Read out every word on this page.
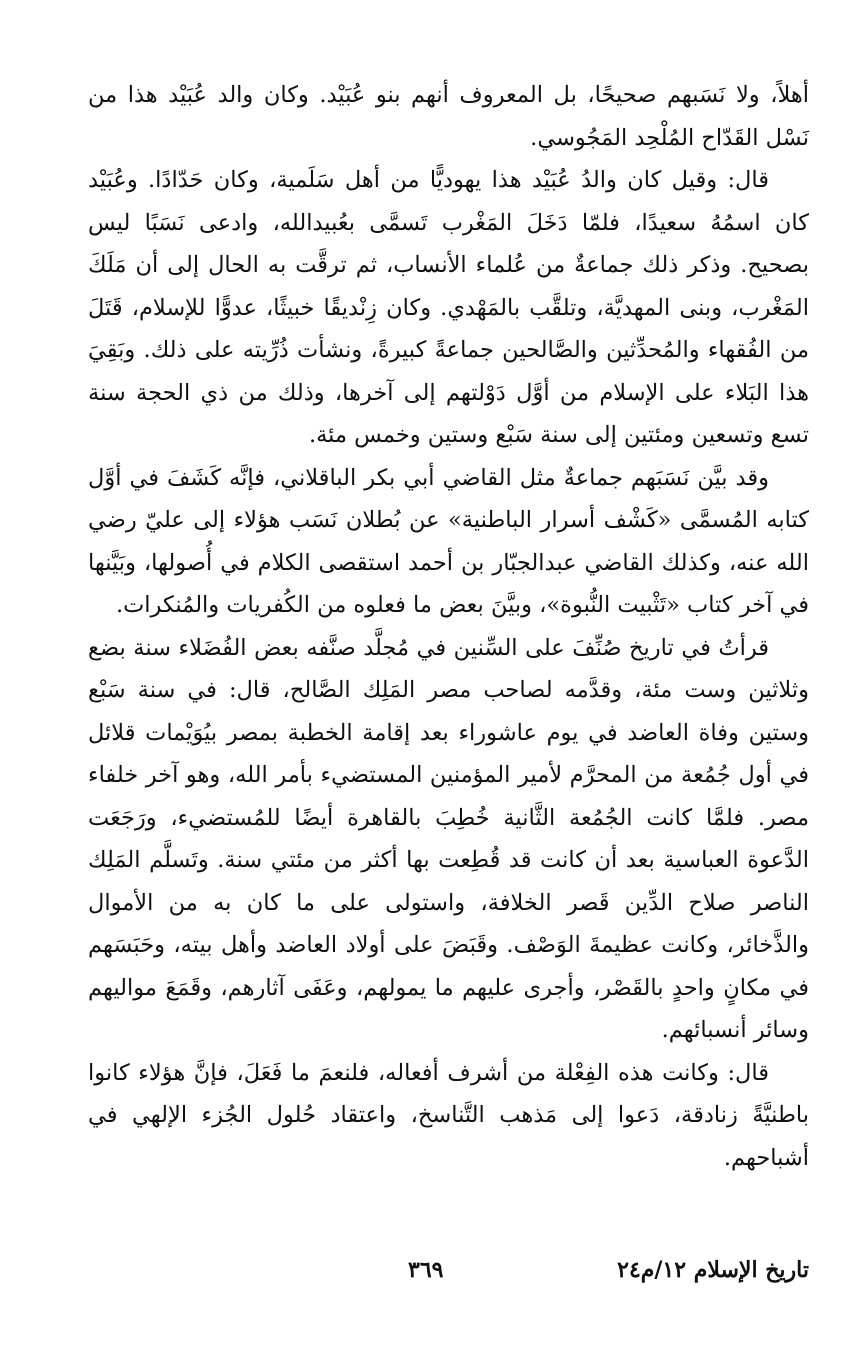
أهلاً، ولا نَسَبهم صحيحًا، بل المعروف أنهم بنو عُبَيْد. وكان والد عُبَيْد هذا من نَسْل القَدّاح المُلْحِد المَجُوسي.

قال: وقيل كان والدُ عُبَيْد هذا يهوديًّا من أهل سَلَمية، وكان حَدّادًا. وعُبَيْد كان اسمُهُ سعيدًا، فلمّا دَخَلَ المَغْرب تَسمَّى بعُبيدالله، وادعى نَسَبًا ليس بصحيح. وذكر ذلك جماعةٌ من عُلماء الأنساب، ثم ترقَّت به الحال إلى أن مَلَكَ المَغْرب، وبنى المهديَّة، وتلقَّب بالمَهْدي. وكان زِنْديقًا خبيثًا، عدوًّا للإسلام، قَتَلَ من الفُقهاء والمُحدِّثين والصَّالحين جماعةً كبيرةً، ونشأت ذُرِّيته على ذلك. وبَقِيَ هذا البَلاء على الإسلام من أوَّل دَوْلتهم إلى آخرها، وذلك من ذي الحجة سنة تسع وتسعين ومئتين إلى سنة سَبْع وستين وخمس مئة.

وقد بيَّن نَسَبَهم جماعةٌ مثل القاضي أبي بكر الباقلاني، فإنَّه كَشَفَ في أوَّل كتابه المُسمَّى «كَشْف أسرار الباطنية» عن بُطلان نَسَب هؤلاء إلى عليّ رضي الله عنه، وكذلك القاضي عبدالجبّار بن أحمد استقصى الكلام في أُصولها، وبَيَّنها في آخر كتاب «تَثْبيت النُّبوة»، وبيَّنَ بعض ما فعلوه من الكُفريات والمُنكرات.

قرأتُ في تاريخ صُنِّفَ على السِّنين في مُجلَّد صنَّفه بعض الفُضَلاء سنة بضع وثلاثين وست مئة، وقدَّمه لصاحب مصر المَلِك الصَّالح، قال: في سنة سَبْع وستين وفاة العاضد في يوم عاشوراء بعد إقامة الخطبة بمصر بيُوَيْمات قلائل في أول جُمُعة من المحرَّم لأمير المؤمنين المستضيء بأمر الله، وهو آخر خلفاء مصر. فلمَّا كانت الجُمُعة الثَّانية خُطِبَ بالقاهرة أيضًا للمُستضيء، ورَجَعَت الدَّعوة العباسية بعد أن كانت قد قُطِعت بها أكثر من مئتي سنة. وتَسلَّم المَلِك الناصر صلاح الدِّين قَصر الخلافة، واستولى على ما كان به من الأموال والذَّخائر، وكانت عظيمةَ الوَصْف. وقَبَضَ على أولاد العاضد وأهل بيته، وحَبَسَهم في مكانٍ واحدٍ بالقَصْر، وأجرى عليهم ما يمولهم، وعَفَى آثارهم، وقَمَعَ مواليهم وسائر أنسبائهم.

قال: وكانت هذه الفِعْلة من أشرف أفعاله، فلنعمَ ما فَعَلَ، فإنَّ هؤلاء كانوا باطنيَّةً زنادقة، دَعوا إلى مَذهب التَّناسخ، واعتقاد حُلول الجُزء الإلهي في أشباحهم.

تاريخ الإسلام ١٢/م٢٤
٣٦٩
